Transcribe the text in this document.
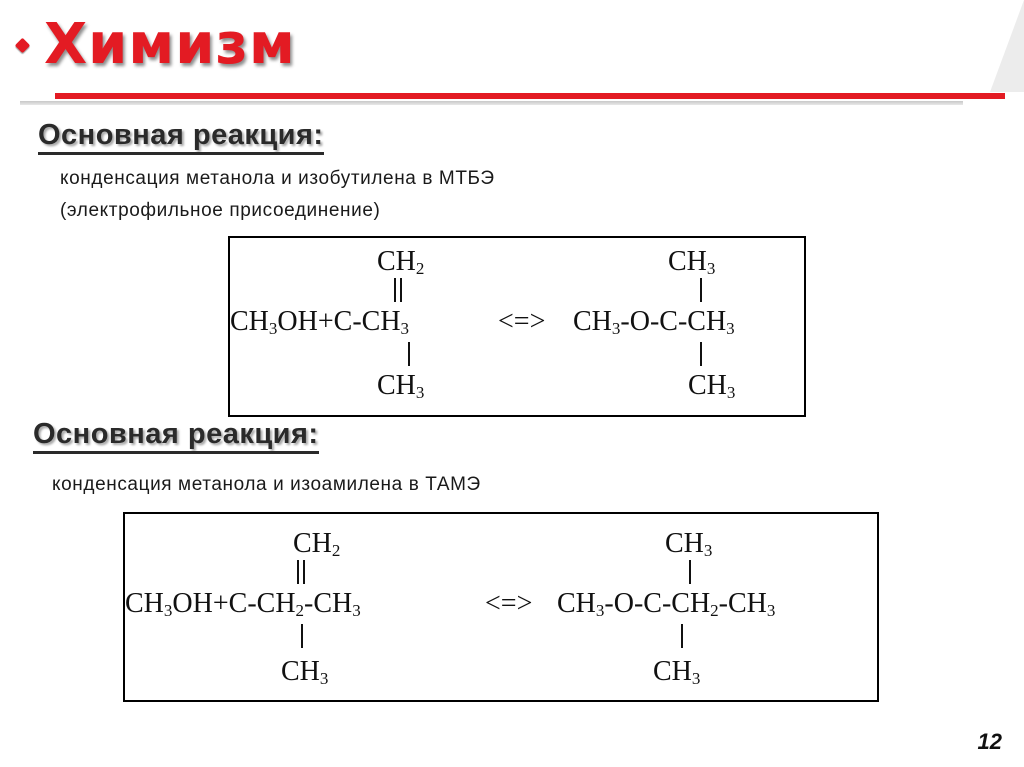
Химизм
Основная реакция:
конденсация метанола и изобутилена в МТБЭ
(электрофильное присоединение)
$CH_2$	$CH_3$
$CH_3OH+C-CH_3$	<=> $CH_3-O-C-CH_3$
$CH_3$	$CH_3$
Основная реакция:
конденсация метанола и изоамилена в ТАМЭ
$CH_2$	$CH_3$
$CH_3OH+C-CH_2-CH_3$	<=> $CH_3-O-C-CH_2-CH_3$
$CH_3$	$CH_3$
12
